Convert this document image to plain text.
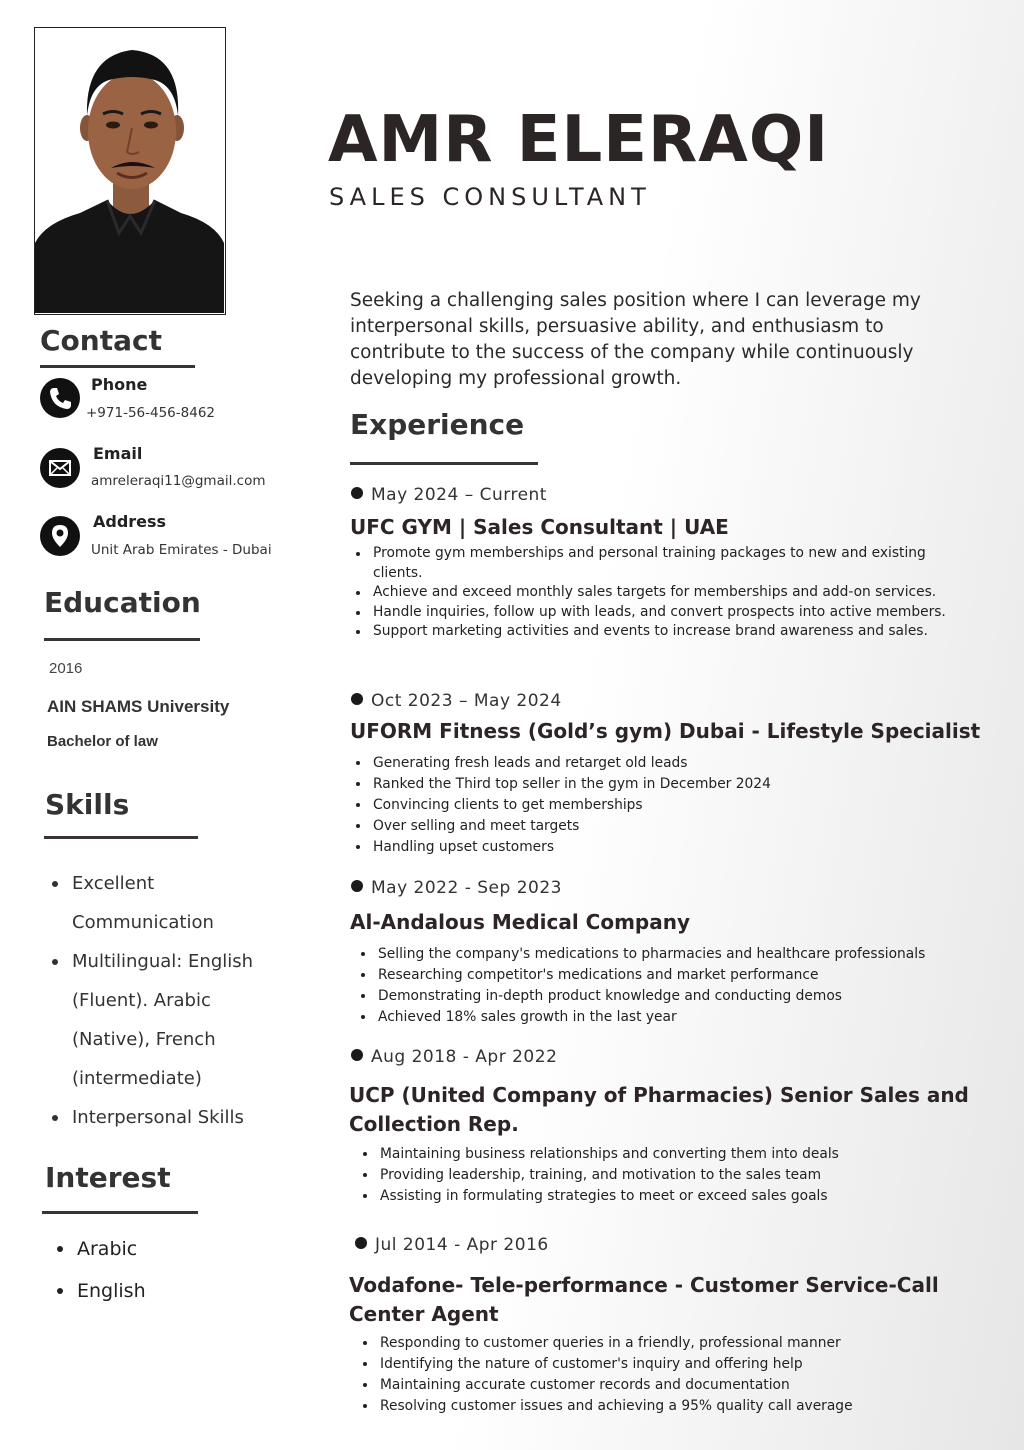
AMR ELERAQI
SALES CONSULTANT
Contact
Phone
+971-56-456-8462
Email
amreleraqi11@gmail.com
Address
Unit Arab Emirates - Dubai
Education
2016
AIN SHAMS University
Bachelor of law
Skills
Excellent Communication
Multilingual: English (Fluent). Arabic (Native), French (intermediate)
Interpersonal Skills
Interest
Arabic
English
Seeking a challenging sales position where I can leverage my interpersonal skills, persuasive ability, and enthusiasm to contribute to the success of the company while continuously developing my professional growth.
Experience
May 2024 – Current
UFC GYM | Sales Consultant | UAE
Promote gym memberships and personal training packages to new and existing clients.
Achieve and exceed monthly sales targets for memberships and add-on services.
Handle inquiries, follow up with leads, and convert prospects into active members.
Support marketing activities and events to increase brand awareness and sales.
Oct 2023 – May 2024
UFORM Fitness (Gold’s gym) Dubai - Lifestyle Specialist
Generating fresh leads and retarget old leads
Ranked the Third top seller in the gym in December 2024
Convincing clients to get memberships
Over selling and meet targets
Handling upset customers
May 2022 - Sep 2023
Al-Andalous Medical Company
Selling the company's medications to pharmacies and healthcare professionals
Researching competitor's medications and market performance
Demonstrating in-depth product knowledge and conducting demos
Achieved 18% sales growth in the last year
Aug 2018 - Apr 2022
UCP (United Company of Pharmacies) Senior Sales and Collection Rep.
Maintaining business relationships and converting them into deals
Providing leadership, training, and motivation to the sales team
Assisting in formulating strategies to meet or exceed sales goals
Jul 2014 - Apr 2016
Vodafone- Tele-performance - Customer Service-Call Center Agent
Responding to customer queries in a friendly, professional manner
Identifying the nature of customer's inquiry and offering help
Maintaining accurate customer records and documentation
Resolving customer issues and achieving a 95% quality call average
